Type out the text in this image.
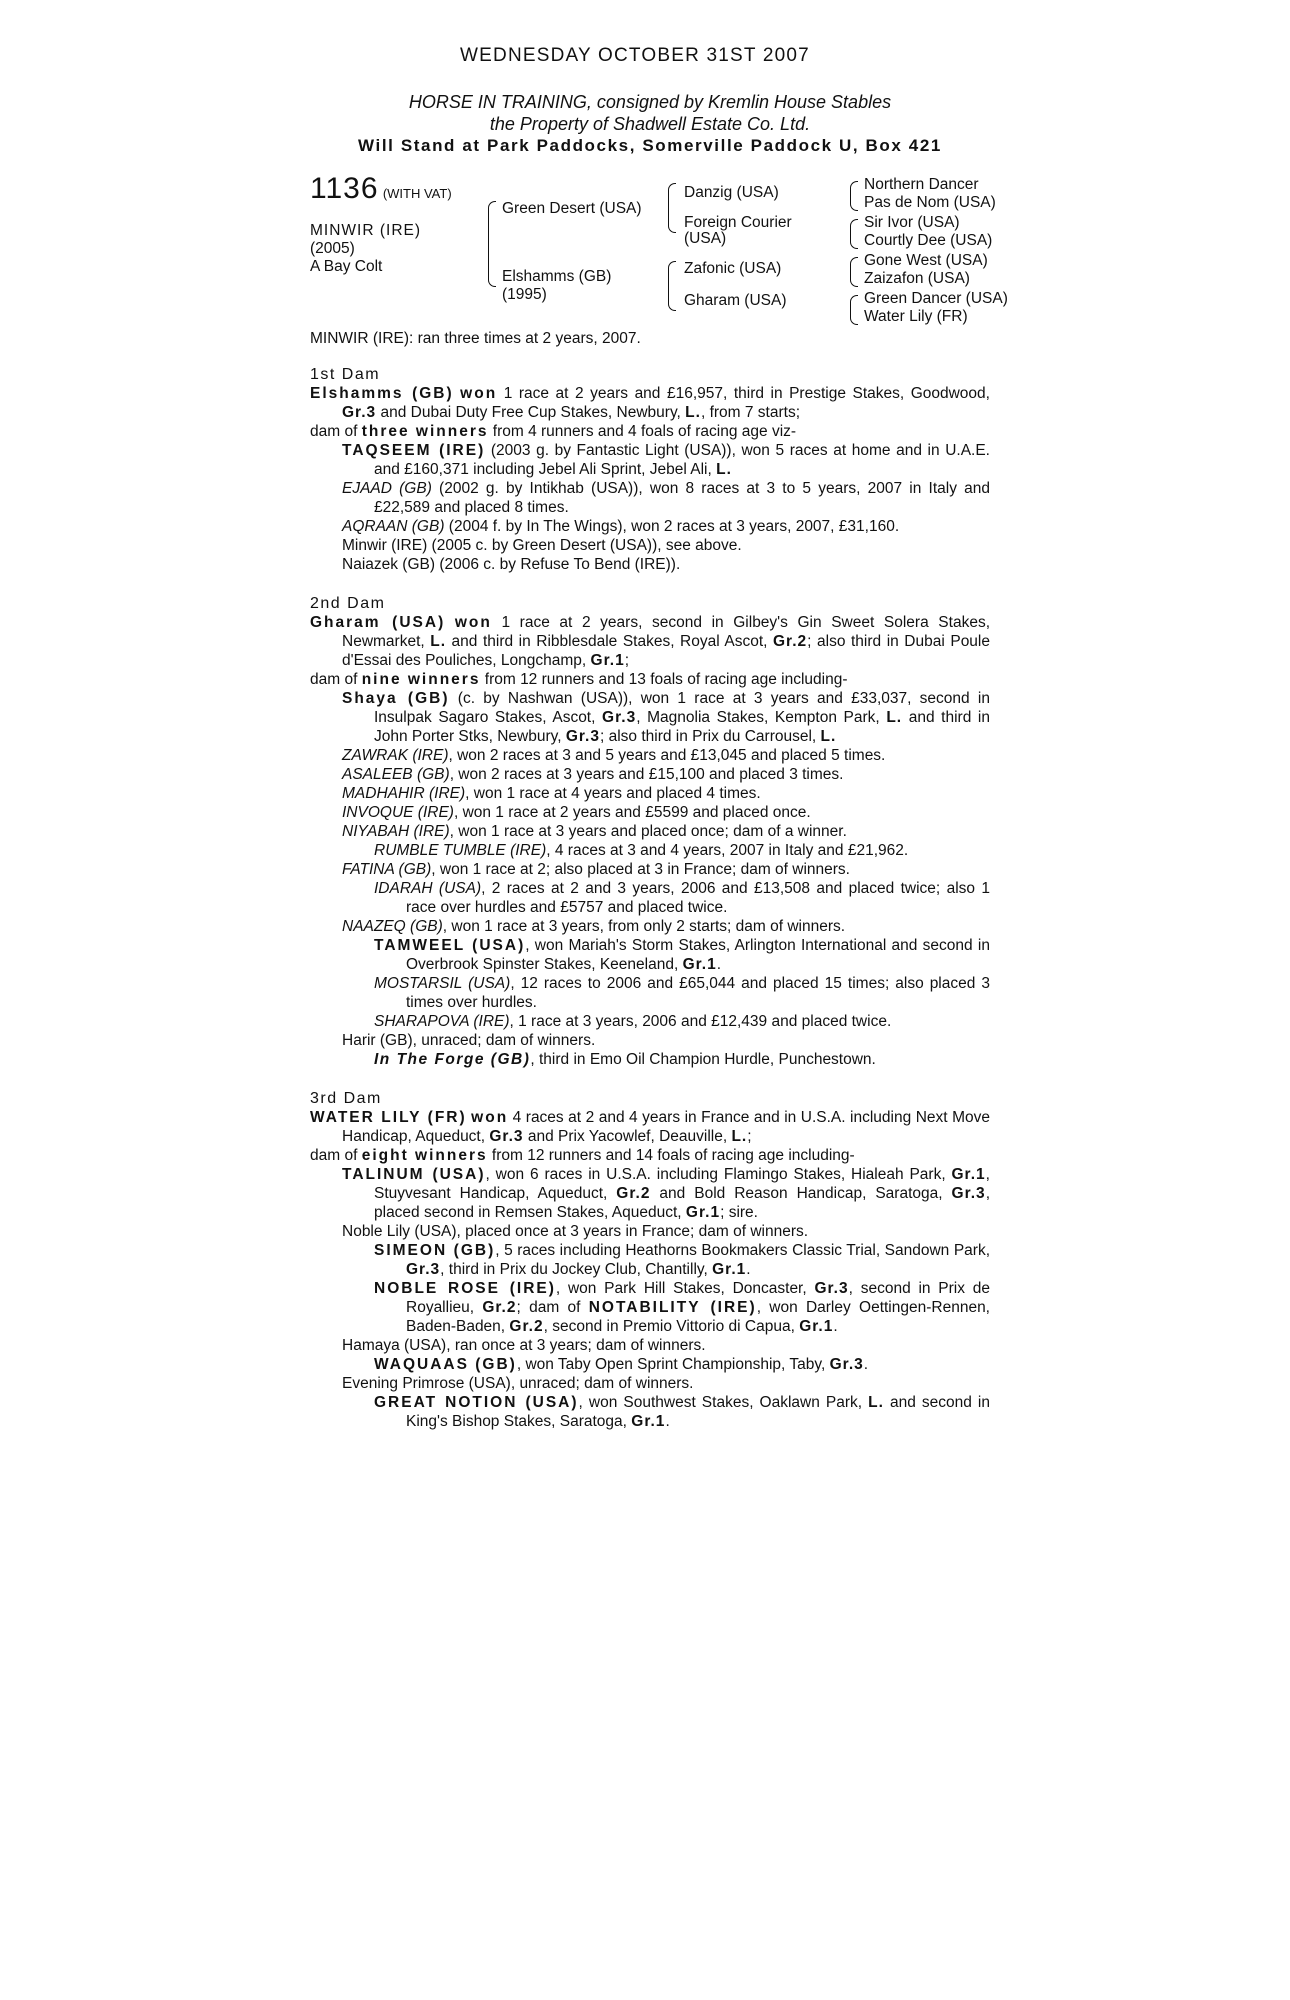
WEDNESDAY OCTOBER 31ST 2007
HORSE IN TRAINING, consigned by Kremlin House Stables
the Property of Shadwell Estate Co. Ltd.
Will Stand at Park Paddocks, Somerville Paddock U, Box 421
1136 (WITH VAT)
MINWIR (IRE)
(2005)
A Bay Colt
Green Desert (USA)
Elshamms (GB)
(1995)
Danzig (USA)
Foreign Courier
(USA)
Zafonic (USA)
Gharam (USA)
Northern Dancer
Pas de Nom (USA)
Sir Ivor (USA)
Courtly Dee (USA)
Gone West (USA)
Zaizafon (USA)
Green Dancer (USA)
Water Lily (FR)
MINWIR (IRE): ran three times at 2 years, 2007.
1st Dam
Elshamms (GB) won 1 race at 2 years and £16,957, third in Prestige Stakes, Goodwood, Gr.3 and Dubai Duty Free Cup Stakes, Newbury, L., from 7 starts;
dam of three winners from 4 runners and 4 foals of racing age viz-
TAQSEEM (IRE) (2003 g. by Fantastic Light (USA)), won 5 races at home and in U.A.E. and £160,371 including Jebel Ali Sprint, Jebel Ali, L.
EJAAD (GB) (2002 g. by Intikhab (USA)), won 8 races at 3 to 5 years, 2007 in Italy and £22,589 and placed 8 times.
AQRAAN (GB) (2004 f. by In The Wings), won 2 races at 3 years, 2007, £31,160.
Minwir (IRE) (2005 c. by Green Desert (USA)), see above.
Naiazek (GB) (2006 c. by Refuse To Bend (IRE)).
2nd Dam
Gharam (USA) won 1 race at 2 years, second in Gilbey's Gin Sweet Solera Stakes, Newmarket, L. and third in Ribblesdale Stakes, Royal Ascot, Gr.2; also third in Dubai Poule d'Essai des Pouliches, Longchamp, Gr.1;
dam of nine winners from 12 runners and 13 foals of racing age including-
Shaya (GB) (c. by Nashwan (USA)), won 1 race at 3 years and £33,037, second in Insulpak Sagaro Stakes, Ascot, Gr.3, Magnolia Stakes, Kempton Park, L. and third in John Porter Stks, Newbury, Gr.3; also third in Prix du Carrousel, L.
ZAWRAK (IRE), won 2 races at 3 and 5 years and £13,045 and placed 5 times.
ASALEEB (GB), won 2 races at 3 years and £15,100 and placed 3 times.
MADHAHIR (IRE), won 1 race at 4 years and placed 4 times.
INVOQUE (IRE), won 1 race at 2 years and £5599 and placed once.
NIYABAH (IRE), won 1 race at 3 years and placed once; dam of a winner.
RUMBLE TUMBLE (IRE), 4 races at 3 and 4 years, 2007 in Italy and £21,962.
FATINA (GB), won 1 race at 2; also placed at 3 in France; dam of winners.
IDARAH (USA), 2 races at 2 and 3 years, 2006 and £13,508 and placed twice; also 1 race over hurdles and £5757 and placed twice.
NAAZEQ (GB), won 1 race at 3 years, from only 2 starts; dam of winners.
TAMWEEL (USA), won Mariah's Storm Stakes, Arlington International and second in Overbrook Spinster Stakes, Keeneland, Gr.1.
MOSTARSIL (USA), 12 races to 2006 and £65,044 and placed 15 times; also placed 3 times over hurdles.
SHARAPOVA (IRE), 1 race at 3 years, 2006 and £12,439 and placed twice.
Harir (GB), unraced; dam of winners.
In The Forge (GB), third in Emo Oil Champion Hurdle, Punchestown.
3rd Dam
WATER LILY (FR) won 4 races at 2 and 4 years in France and in U.S.A. including Next Move Handicap, Aqueduct, Gr.3 and Prix Yacowlef, Deauville, L.;
dam of eight winners from 12 runners and 14 foals of racing age including-
TALINUM (USA), won 6 races in U.S.A. including Flamingo Stakes, Hialeah Park, Gr.1, Stuyvesant Handicap, Aqueduct, Gr.2 and Bold Reason Handicap, Saratoga, Gr.3, placed second in Remsen Stakes, Aqueduct, Gr.1; sire.
Noble Lily (USA), placed once at 3 years in France; dam of winners.
SIMEON (GB), 5 races including Heathorns Bookmakers Classic Trial, Sandown Park, Gr.3, third in Prix du Jockey Club, Chantilly, Gr.1.
NOBLE ROSE (IRE), won Park Hill Stakes, Doncaster, Gr.3, second in Prix de Royallieu, Gr.2; dam of NOTABILITY (IRE), won Darley Oettingen-Rennen, Baden-Baden, Gr.2, second in Premio Vittorio di Capua, Gr.1.
Hamaya (USA), ran once at 3 years; dam of winners.
WAQUAAS (GB), won Taby Open Sprint Championship, Taby, Gr.3.
Evening Primrose (USA), unraced; dam of winners.
GREAT NOTION (USA), won Southwest Stakes, Oaklawn Park, L. and second in King's Bishop Stakes, Saratoga, Gr.1.
